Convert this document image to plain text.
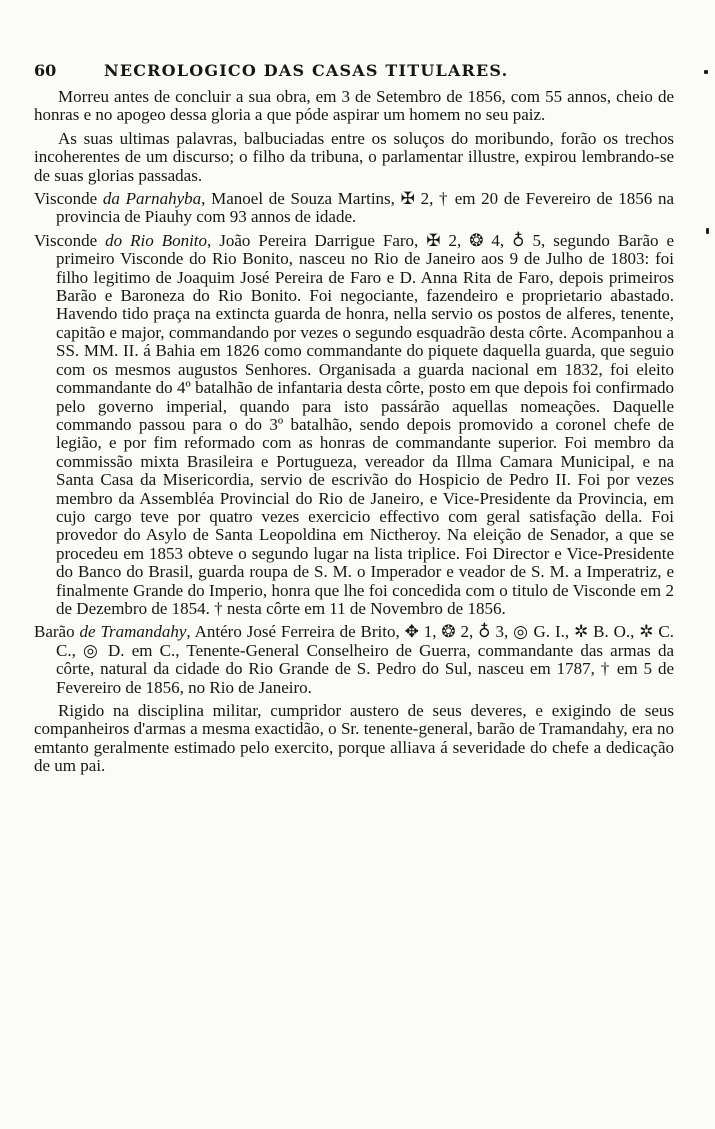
60	NECROLOGICO DAS CASAS TITULARES.

Morreu antes de concluir a sua obra, em 3 de Setembro de 1856, com 55 annos, cheio de honras e no apogeo dessa gloria a que póde aspirar um homem no seu paiz.

As suas ultimas palavras, balbuciadas entre os soluços do moribundo, forão os trechos incoherentes de um discurso; o filho da tribuna, o parlamentar illustre, expirou lembrando-se de suas glorias passadas.

Visconde da Parnahyba, Manoel de Souza Martins, ✠ 2, † em 20 de Fevereiro de 1856 na provincia de Piauhy com 93 annos de idade.

Visconde do Rio Bonito, João Pereira Darrigue Faro, ✠ 2, ❂ 4, ♁ 5, segundo Barão e primeiro Visconde do Rio Bonito, nasceu no Rio de Janeiro aos 9 de Julho de 1803: foi filho legitimo de Joaquim José Pereira de Faro e D. Anna Rita de Faro, depois primeiros Barão e Baroneza do Rio Bonito. Foi negociante, fazendeiro e proprietario abastado. Havendo tido praça na extincta guarda de honra, nella servio os postos de alferes, tenente, capitão e major, commandando por vezes o segundo esquadrão desta côrte. Acompanhou a SS. MM. II. á Bahia em 1826 como commandante do piquete daquella guarda, que seguio com os mesmos augustos Senhores. Organisada a guarda nacional em 1832, foi eleito commandante do 4º batalhão de infantaria desta côrte, posto em que depois foi confirmado pelo governo imperial, quando para isto passárão aquellas nomeações. Daquelle commando passou para o do 3º batalhão, sendo depois promovido a coronel chefe de legião, e por fim reformado com as honras de commandante superior. Foi membro da commissão mixta Brasileira e Portugueza, vereador da Illma Camara Municipal, e na Santa Casa da Misericordia, servio de escrivão do Hospicio de Pedro II. Foi por vezes membro da Assembléa Provincial do Rio de Janeiro, e Vice-Presidente da Provincia, em cujo cargo teve por quatro vezes exercicio effectivo com geral satisfação della. Foi provedor do Asylo de Santa Leopoldina em Nictheroy. Na eleição de Senador, a que se procedeu em 1853 obteve o segundo lugar na lista triplice. Foi Director e Vice-Presidente do Banco do Brasil, guarda roupa de S. M. o Imperador e veador de S. M. a Imperatriz, e finalmente Grande do Imperio, honra que lhe foi concedida com o titulo de Visconde em 2 de Dezembro de 1854. † nesta côrte em 11 de Novembro de 1856.

Barão de Tramandahy, Antéro José Ferreira de Brito, ✥ 1, ❂ 2, ♁ 3, ◎ G. I., ✲ B. O., ✲ C. C., ◎ D. em C., Tenente-General Conselheiro de Guerra, commandante das armas da côrte, natural da cidade do Rio Grande de S. Pedro do Sul, nasceu em 1787, † em 5 de Fevereiro de 1856, no Rio de Janeiro.

Rigido na disciplina militar, cumpridor austero de seus deveres, e exigindo de seus companheiros d'armas a mesma exactidão, o Sr. tenente-general, barão de Tramandahy, era no emtanto geralmente estimado pelo exercito, porque alliava á severidade do chefe a dedicação de um pai.
